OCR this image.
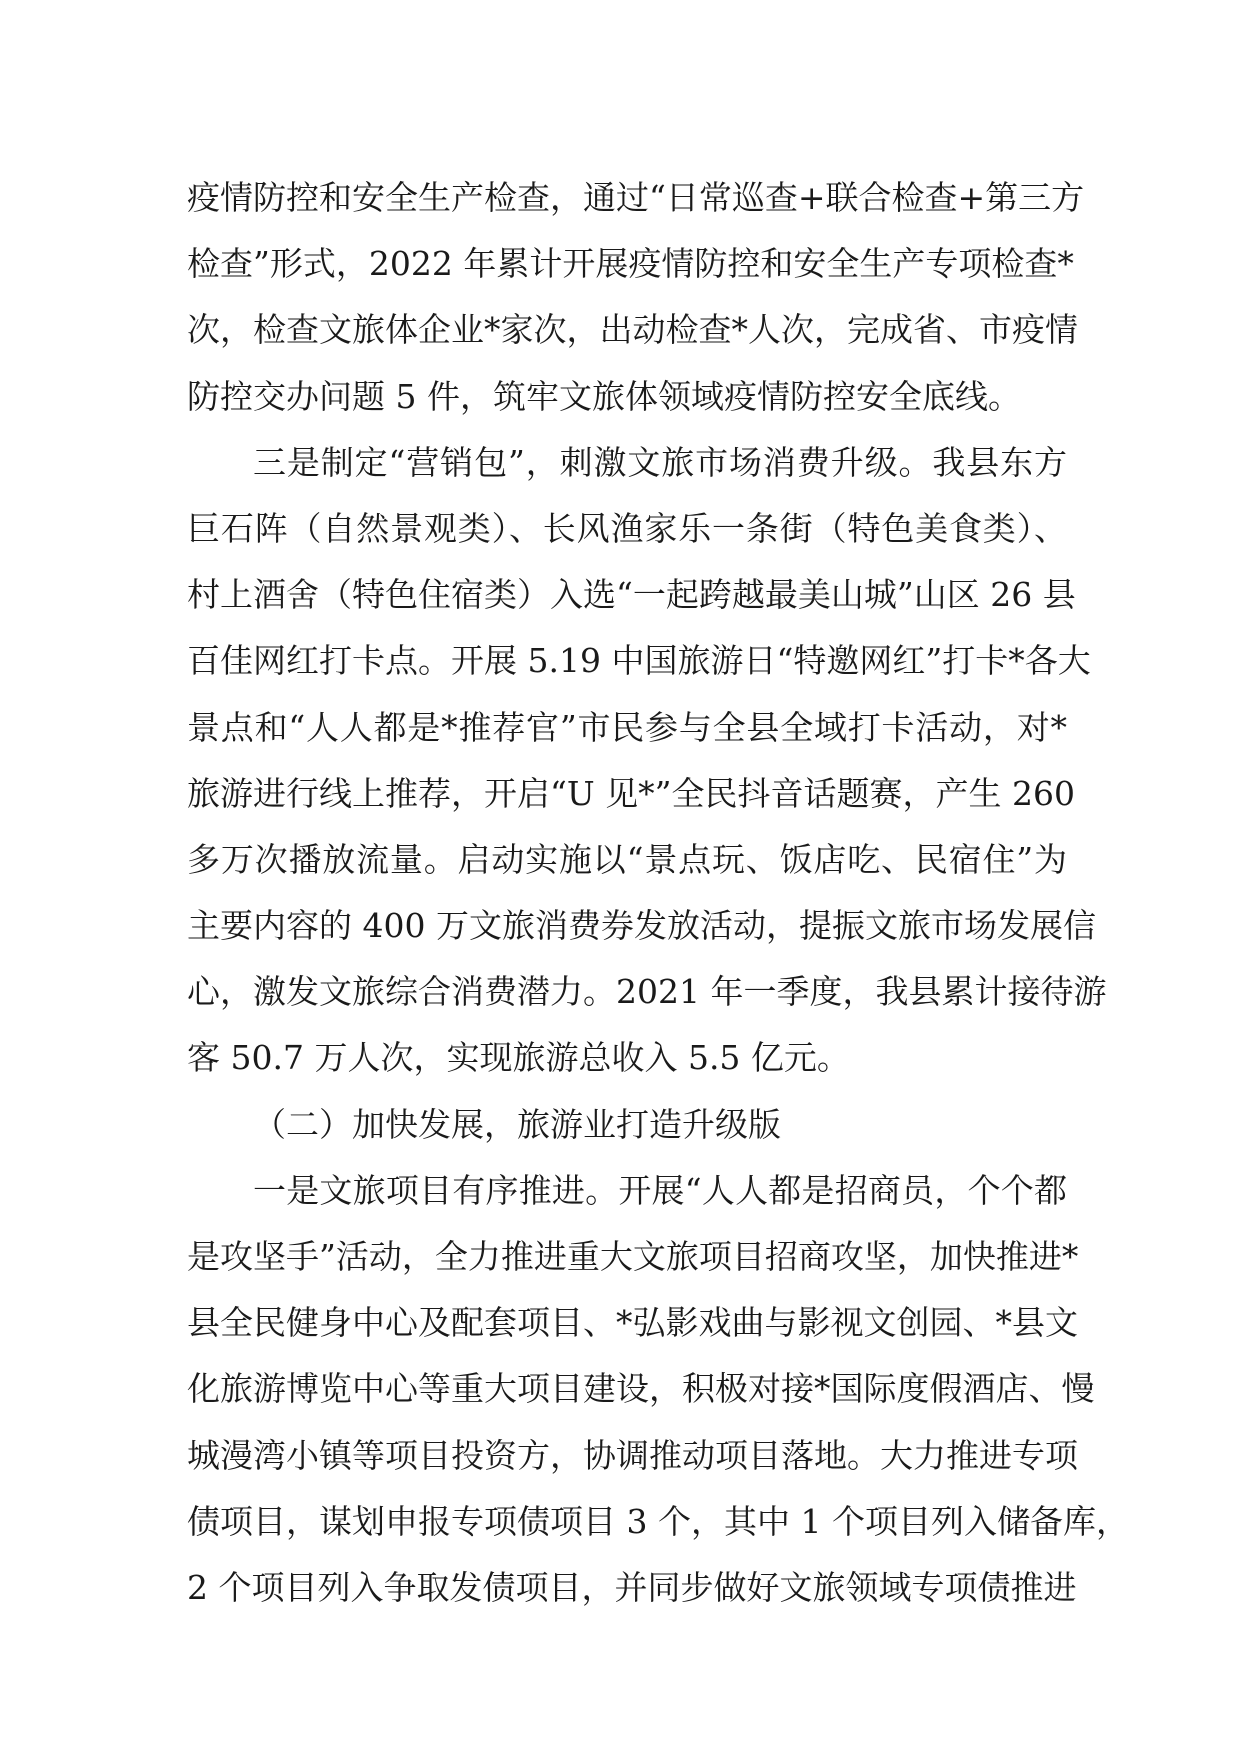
疫情防控和安全生产检查，通过“日常巡查+联合检查+第三方
检查”形式，2022 年累计开展疫情防控和安全生产专项检查*
次，检查文旅体企业*家次，出动检查*人次，完成省、市疫情
防控交办问题 5 件，筑牢文旅体领域疫情防控安全底线。
三是制定“营销包”，刺激文旅市场消费升级。我县东方
巨石阵（自然景观类）、长风渔家乐一条街（特色美食类）、
村上酒舍（特色住宿类）入选“一起跨越最美山城”山区 26 县
百佳网红打卡点。开展 5.19 中国旅游日“特邀网红”打卡*各大
景点和“人人都是*推荐官”市民参与全县全域打卡活动，对*
旅游进行线上推荐，开启“U 见*”全民抖音话题赛，产生 260
多万次播放流量。启动实施以“景点玩、饭店吃、民宿住”为
主要内容的 400 万文旅消费券发放活动，提振文旅市场发展信
心，激发文旅综合消费潜力。2021 年一季度，我县累计接待游
客 50.7 万人次，实现旅游总收入 5.5 亿元。
（二）加快发展，旅游业打造升级版
一是文旅项目有序推进。开展“人人都是招商员，个个都
是攻坚手”活动，全力推进重大文旅项目招商攻坚，加快推进*
县全民健身中心及配套项目、*弘影戏曲与影视文创园、*县文
化旅游博览中心等重大项目建设，积极对接*国际度假酒店、慢
城漫湾小镇等项目投资方，协调推动项目落地。大力推进专项
债项目，谋划申报专项债项目 3 个，其中 1 个项目列入储备库，
2 个项目列入争取发债项目，并同步做好文旅领域专项债推进
